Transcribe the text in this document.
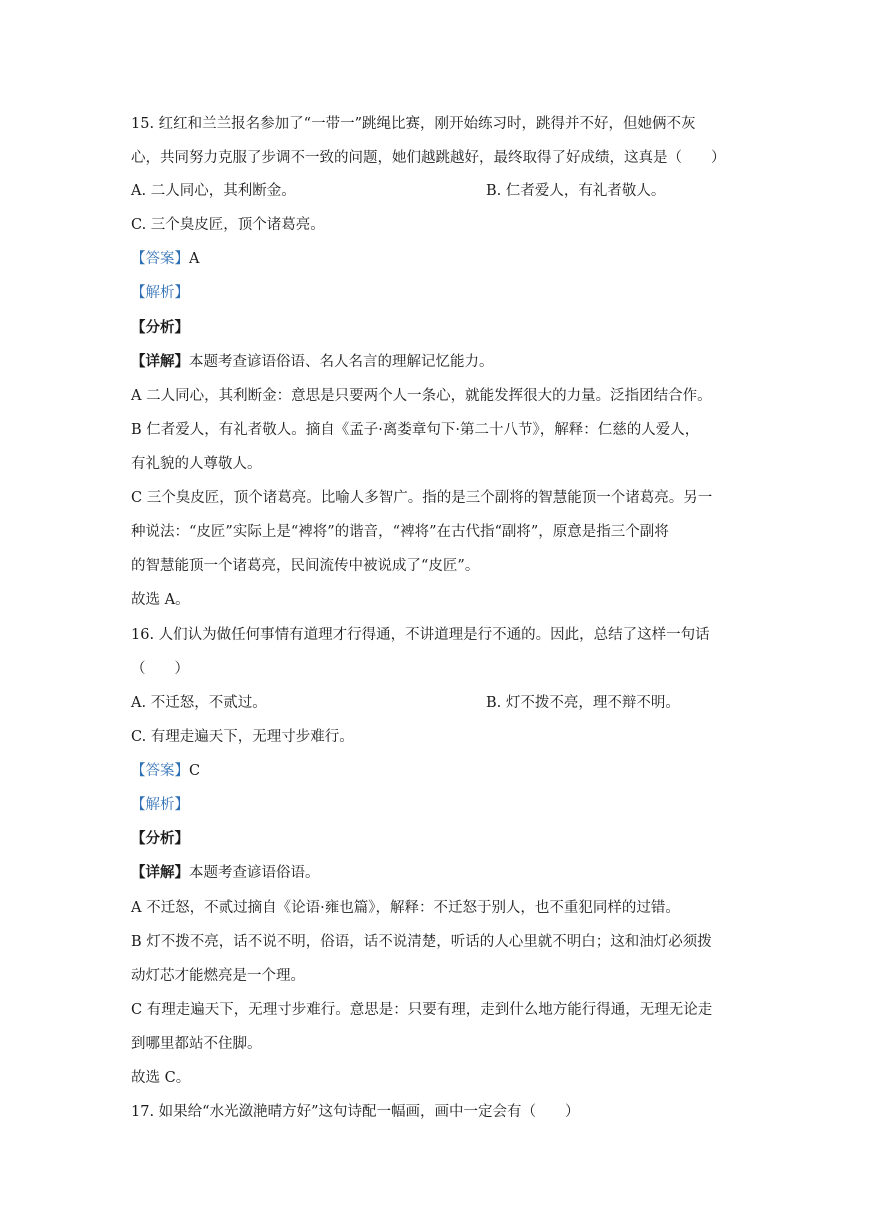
15. 红红和兰兰报名参加了“一带一”跳绳比赛，刚开始练习时，跳得并不好，但她俩不灰
心，共同努力克服了步调不一致的问题，她们越跳越好，最终取得了好成绩，这真是（　　）
A. 二人同心，其利断金。	B. 仁者爱人，有礼者敬人。
C. 三个臭皮匠，顶个诸葛亮。
【答案】A
【解析】
【分析】
【详解】本题考查谚语俗语、名人名言的理解记忆能力。
A 二人同心，其利断金：意思是只要两个人一条心，就能发挥很大的力量。泛指团结合作。
B 仁者爱人，有礼者敬人。摘自《孟子·离娄章句下·第二十八节》，解释：仁慈的人爱人，
有礼貌的人尊敬人。
C 三个臭皮匠，顶个诸葛亮。比喻人多智广。指的是三个副将的智慧能顶一个诸葛亮。另一
种说法：“皮匠”实际上是“裨将”的谐音，“裨将”在古代指“副将”，原意是指三个副将
的智慧能顶一个诸葛亮，民间流传中被说成了“皮匠”。
故选 A。
16. 人们认为做任何事情有道理才行得通，不讲道理是行不通的。因此，总结了这样一句话
（　　）
A. 不迁怒，不贰过。	B. 灯不拨不亮，理不辩不明。
C. 有理走遍天下，无理寸步难行。
【答案】C
【解析】
【分析】
【详解】本题考查谚语俗语。
A 不迁怒，不贰过摘自《论语·雍也篇》，解释：不迁怒于别人，也不重犯同样的过错。
B 灯不拨不亮，话不说不明，俗语，话不说清楚，听话的人心里就不明白；这和油灯必须拨
动灯芯才能燃亮是一个理。
C 有理走遍天下，无理寸步难行。意思是：只要有理，走到什么地方能行得通，无理无论走
到哪里都站不住脚。
故选 C。
17. 如果给“水光潋滟晴方好”这句诗配一幅画，画中一定会有（　　）
